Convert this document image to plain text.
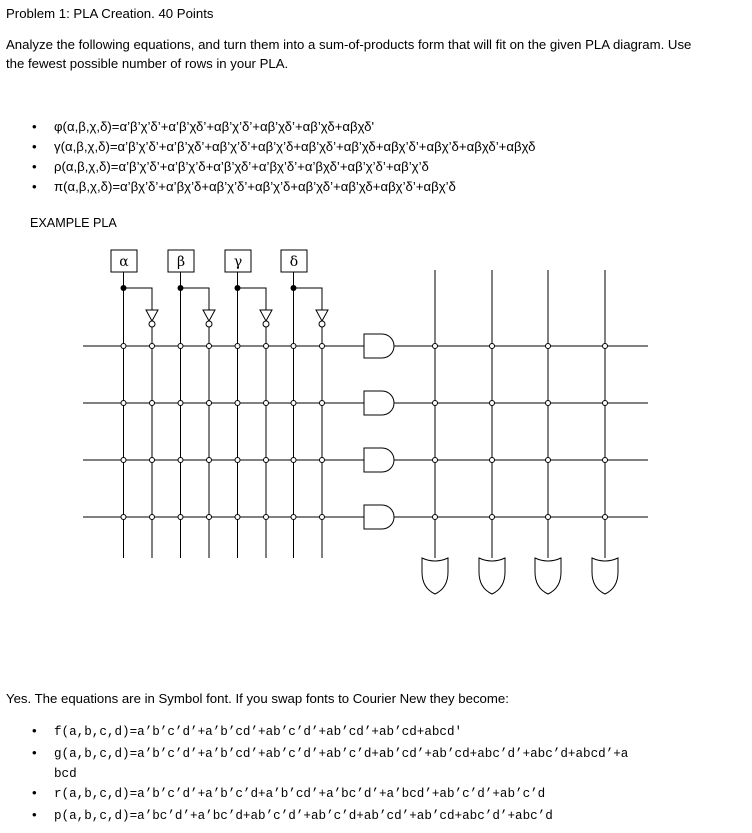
Problem 1: PLA Creation. 40 Points

Analyze the following equations, and turn them into a sum-of-products form that will fit on the given PLA diagram. Use

the fewest possible number of rows in your PLA.

• φ(α,β,χ,δ)=α’β’χ’δ’+α’β’χδ’+αβ’χ’δ’+αβ’χδ’+αβ’χδ+αβχδ'
• γ(α,β,χ,δ)=α’β’χ’δ’+α’β’χδ’+αβ’χ’δ’+αβ’χ’δ+αβ’χδ’+αβ’χδ+αβχ’δ’+αβχ’δ+αβχδ’+αβχδ
• ρ(α,β,χ,δ)=α’β’χ’δ’+α’β’χ’δ+α’β’χδ’+α’βχ’δ’+α’βχδ’+αβ’χ’δ’+αβ’χ’δ
• π(α,β,χ,δ)=α’βχ’δ’+α’βχ’δ+αβ’χ’δ’+αβ’χ’δ+αβ’χδ’+αβ’χδ+αβχ’δ’+αβχ’δ

EXAMPLE PLA

α	β	γ	δ

Yes. The equations are in Symbol font. If you swap fonts to Courier New they become:

• f(a,b,c,d)=a’b’c’d’+a’b’cd’+ab’c’d’+ab’cd’+ab’cd+abcd'
• g(a,b,c,d)=a’b’c’d’+a’b’cd’+ab’c’d’+ab’c’d+ab’cd’+ab’cd+abc’d’+abc’d+abcd’+a
bcd
• r(a,b,c,d)=a’b’c’d’+a’b’c’d+a’b’cd’+a’bc’d’+a’bcd’+ab’c’d’+ab’c’d
• p(a,b,c,d)=a’bc’d’+a’bc’d+ab’c’d’+ab’c’d+ab’cd’+ab’cd+abc’d’+abc’d
